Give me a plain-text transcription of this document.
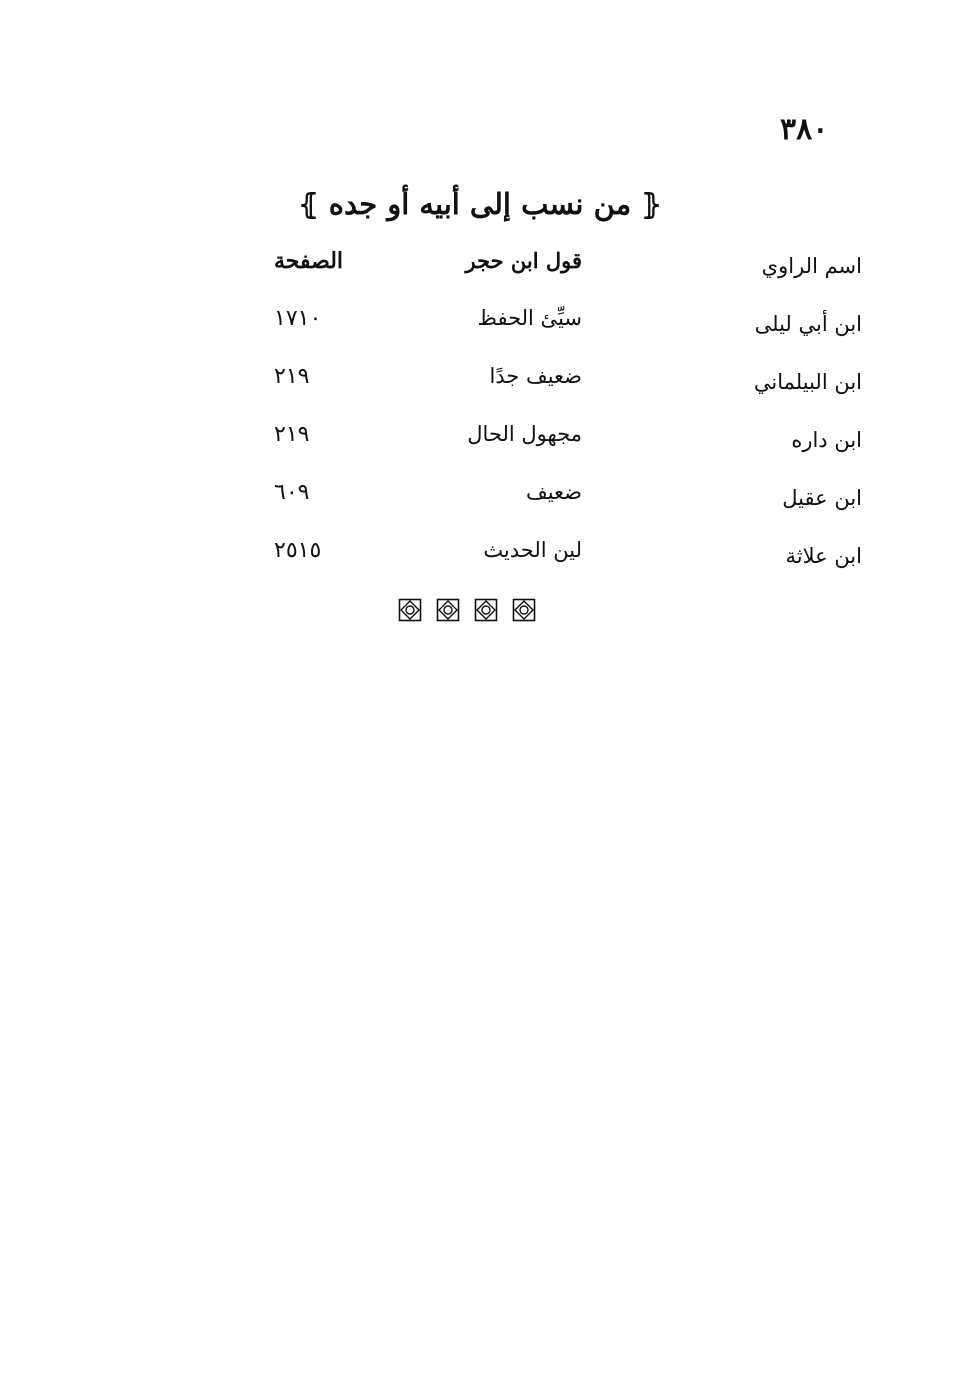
٣٨٠
⦃
من نسب إلى أبيه أو جده
⦄
اسم الراوي
قول ابن حجر
الصفحة
ابن أبي ليلى
سيِّئ الحفظ
١٧١٠
ابن البيلماني
ضعيف جدًا
٢١٩
ابن داره
مجهول الحال
٢١٩
ابن عقيل
ضعيف
٦٠٩
ابن علاثة
لين الحديث
٢٥١٥
